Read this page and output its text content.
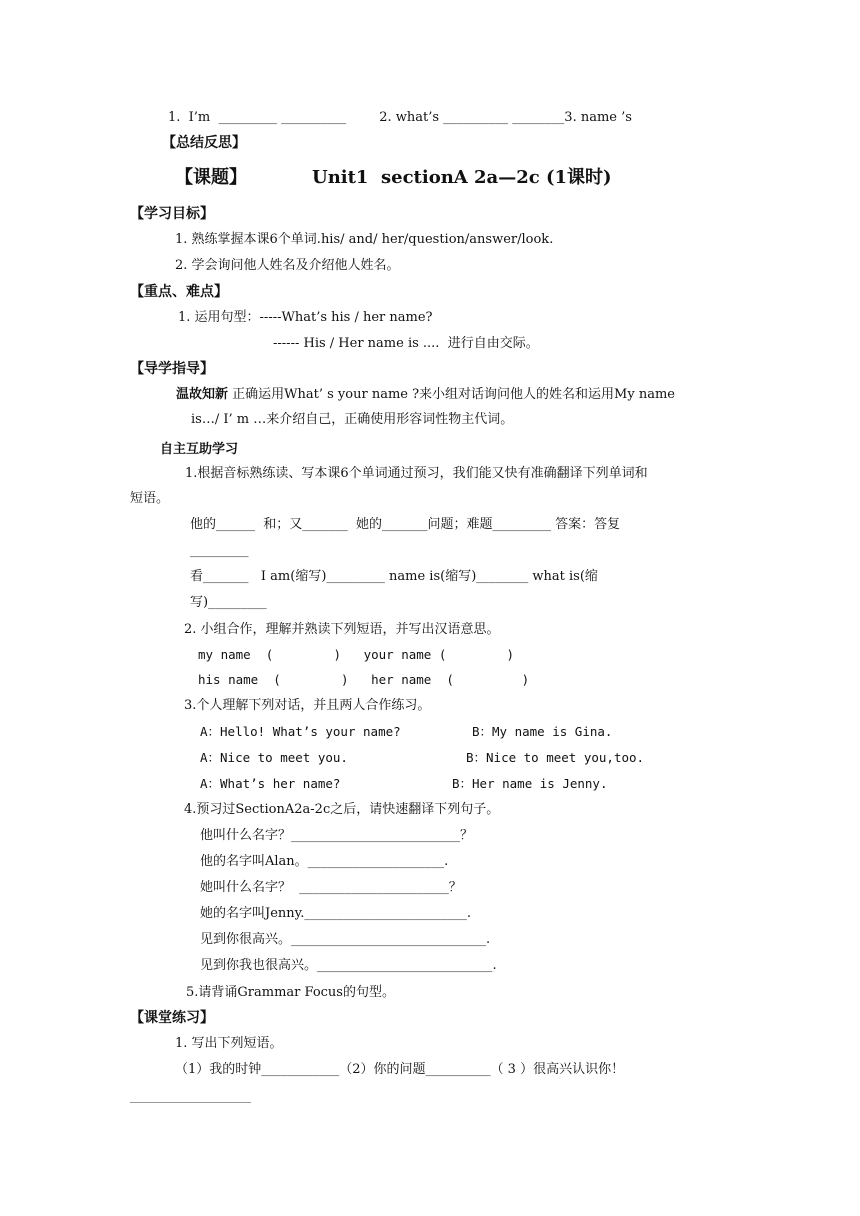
1.  I’m  _________ __________        2. what’s __________ ________3. name ’s
【总结反思】
【课题】	Unit1  sectionA 2a—2c (1课时)
【学习目标】
1. 熟练掌握本课6个单词.his/ and/ her/question/answer/look.
2. 学会询问他人姓名及介绍他人姓名。
【重点、难点】
1. 运用句型：-----What’s his / her name?
------ His / Her name is ....  进行自由交际。
【导学指导】
温故知新 正确运用What’ s your name ?来小组对话询问他人的姓名和运用My name
is…/ I’ m …来介绍自己，正确使用形容词性物主代词。
自主互助学习
1.根据音标熟练读、写本课6个单词通过预习，我们能又快有准确翻译下列单词和
短语。
他的______  和；又_______  她的_______问题；难题_________ 答案：答复
_________
看_______   I am(缩写)_________ name is(缩写)________ what is(缩
写)_________
2. 小组合作，理解并熟读下列短语，并写出汉语意思。
my name  (        )   your name (        )
his name  (        )   her name  (         )
3.个人理解下列对话，并且两人合作练习。
A：Hello! What’s your name?	B：My name is Gina.
A：Nice to meet you.	B：Nice to meet you,too.
A：What’s her name?	B：Her name is Jenny.
4.预习过SectionA2a-2c之后，请快速翻译下列句子。
他叫什么名字？__________________________？
他的名字叫Alan。_____________________.
她叫什么名字？  _______________________？
她的名字叫Jenny._________________________.
见到你很高兴。______________________________.
见到你我也很高兴。___________________________.
5.请背诵Grammar Focus的句型。
【课堂练习】
1. 写出下列短语。
（1）我的时钟____________（2）你的问题__________（ 3 ）很高兴认识你！
